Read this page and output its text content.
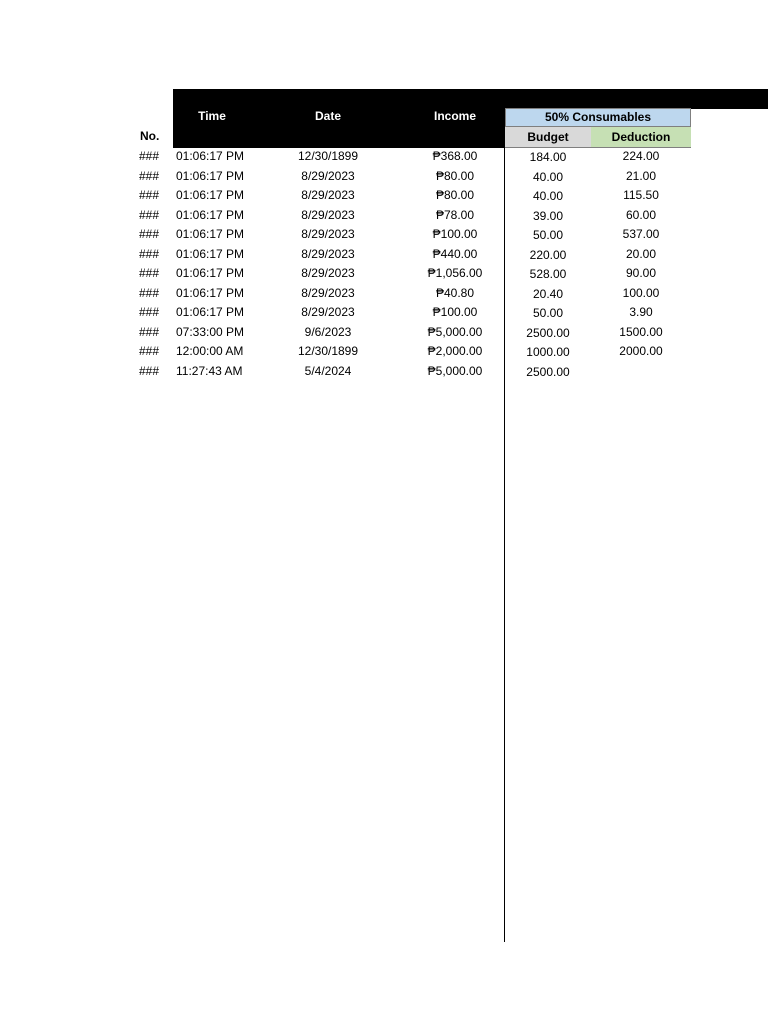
Time	Date	Income
No.
50% Consumables
Budget	Deduction
###	01:06:17 PM	12/30/1899	₱368.00	184.00	224.00
###	01:06:17 PM	8/29/2023	₱80.00	40.00	21.00
###	01:06:17 PM	8/29/2023	₱80.00	40.00	115.50
###	01:06:17 PM	8/29/2023	₱78.00	39.00	60.00
###	01:06:17 PM	8/29/2023	₱100.00	50.00	537.00
###	01:06:17 PM	8/29/2023	₱440.00	220.00	20.00
###	01:06:17 PM	8/29/2023	₱1,056.00	528.00	90.00
###	01:06:17 PM	8/29/2023	₱40.80	20.40	100.00
###	01:06:17 PM	8/29/2023	₱100.00	50.00	3.90
###	07:33:00 PM	9/6/2023	₱5,000.00	2500.00	1500.00
###	12:00:00 AM	12/30/1899	₱2,000.00	1000.00	2000.00
###	11:27:43 AM	5/4/2024	₱5,000.00	2500.00
